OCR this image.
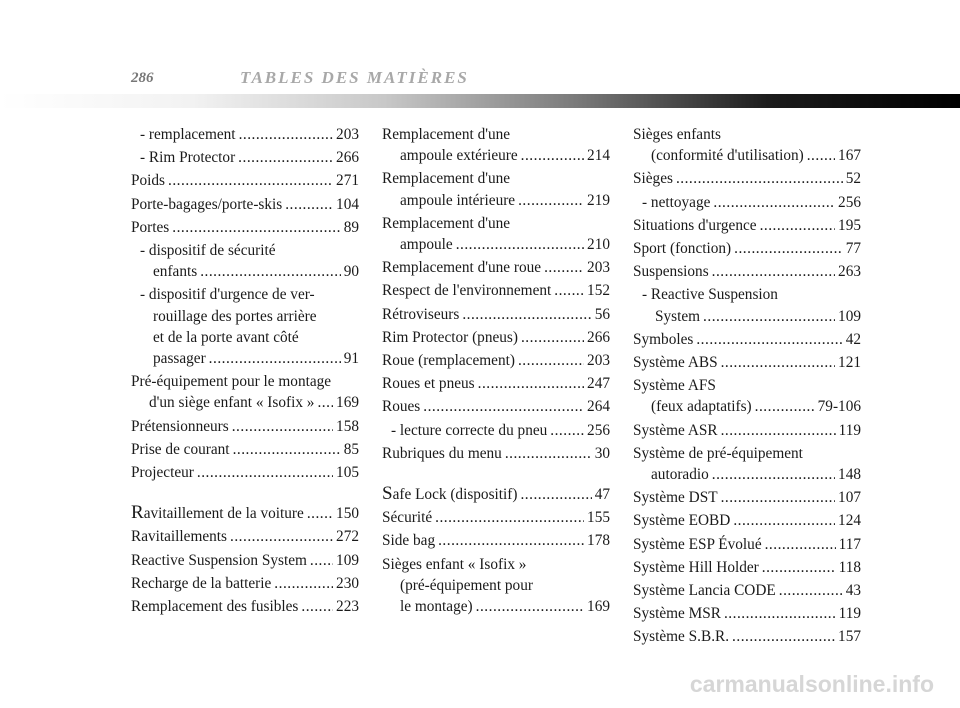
286	TABLES DES MATIÈRES
- remplacement .....	203
- Rim Protector .....	266
Poids .....	271
Porte-bagages/porte-skis .....	104
Portes .....	89
- dispositif de sécurité
enfants .....	90
- dispositif d'urgence de ver-
rouillage des portes arrière
et de la porte avant côté
passager .....	91
Pré-équipement pour le montage
d'un siège enfant « Isofix » ..... 169
Prétensionneurs .....	158
Prise de courant .....	85
Projecteur .....	105
R avitaillement de la voiture ..... 150
Ravitaillements .....	272
Reactive Suspension System ..... 109
Recharge de la batterie .....	230
Remplacement des fusibles ..... 223
Remplacement d'une
ampoule extérieure .....	214
Remplacement d'une
ampoule intérieure .....	219
Remplacement d'une
ampoule .....	210
Remplacement d'une roue .....	203
Respect de l'environnement ..... 152
Rétroviseurs .....	56
Rim Protector (pneus) .....	266
Roue (remplacement) .....	203
Roues et pneus .....	247
Roues .....	264
- lecture correcte du pneu .....	256
Rubriques du menu .....	30
S afe Lock (dispositif) .....	47
Sécurité .....	155
Side bag .....	178
Sièges enfant « Isofix »
(pré-équipement pour
le montage) .....	169
Sièges enfants
(conformité d'utilisation) ..... 167
Sièges .....	52
- nettoyage .....	256
Situations d'urgence .....	195
Sport (fonction) .....	77
Suspensions .....	263
- Reactive Suspension
System .....	109
Symboles .....	42
Système ABS .....	121
Système AFS
(feux adaptatifs) .....	79-106
Système ASR .....	119
Système de pré-équipement
autoradio .....	148
Système DST .....	107
Système EOBD .....	124
Système ESP Évolué .....	117
Système Hill Holder .....	118
Système Lancia CODE .....	43
Système MSR .....	119
Système S.B.R. .....	157
carmanualsonline.info
